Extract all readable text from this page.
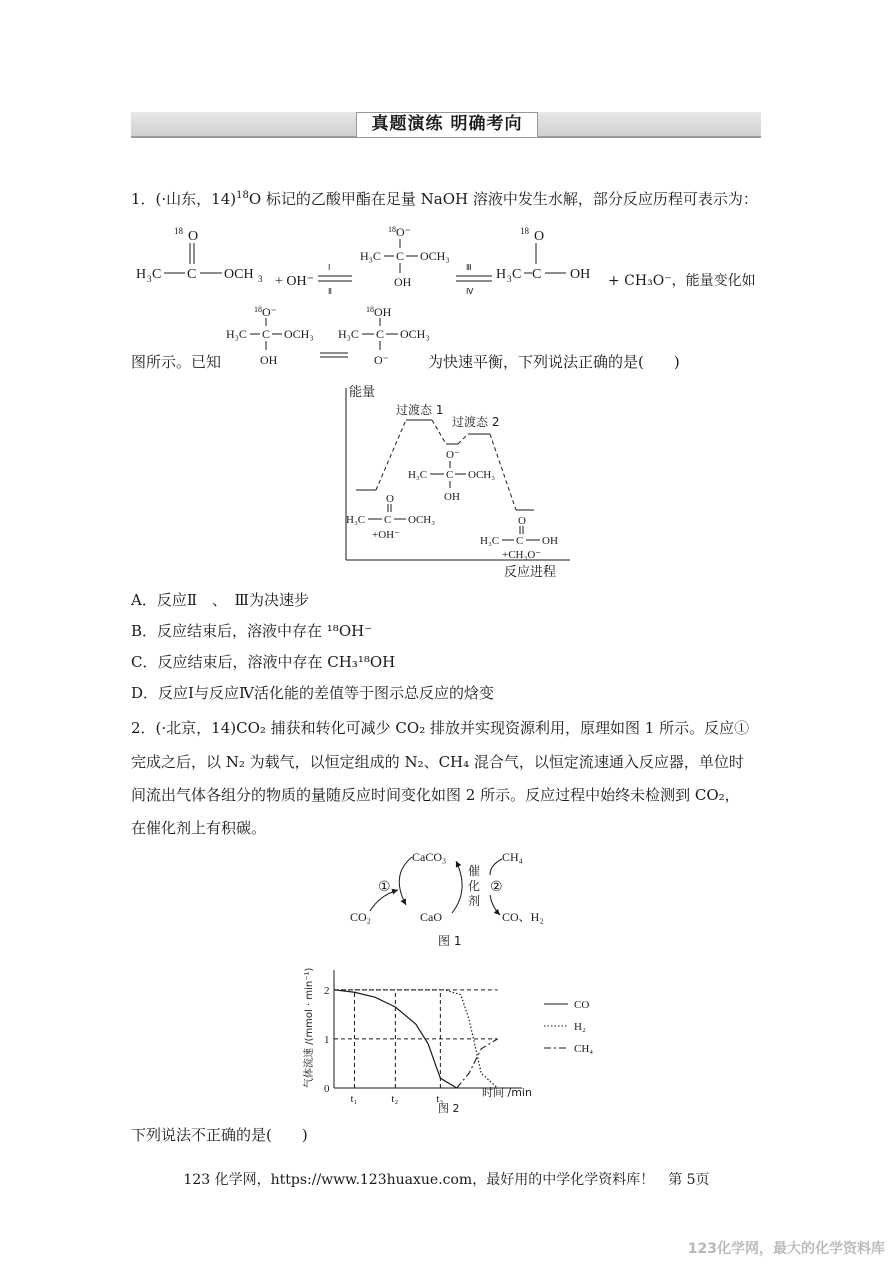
真题演练 明确考向
1．(·山东，14)$^{18}$O 标记的乙酸甲酯在足量 NaOH 溶液中发生水解，部分反应历程可表示为：
18 O
H 3 C C OCH 3 + OH⁻
Ⅰ
Ⅱ
18 O⁻
H₃C C OCH₃
OH
Ⅲ
Ⅳ
18 O
H 3 C C OH + CH₃O⁻，能量变化如
18 O⁻
H₃C C OCH₃
OH
18 OH
H₃C C OCH₃
O⁻
图所示。已知	为快速平衡，下列说法正确的是(　　)
能量
反应进程
过渡态 1
过渡态 2
O⁻
H₃C C OCH₃
OH
O
H₃C C OCH₃
+OH⁻
O
H₃C C OH
+CH₃O⁻
A．反应Ⅱ　、　Ⅲ为决速步
B．反应结束后，溶液中存在 ¹⁸OH⁻
C．反应结束后，溶液中存在 CH₃¹⁸OH
D．反应Ⅰ与反应Ⅳ活化能的差值等于图示总反应的焓变
2．(·北京，14)CO₂ 捕获和转化可减少 CO₂ 排放并实现资源利用，原理如图 1 所示。反应①
完成之后，以 N₂ 为载气，以恒定组成的 N₂、CH₄ 混合气，以恒定流速通入反应器，单位时
间流出气体各组分的物质的量随反应时间变化如图 2 所示。反应过程中始终未检测到 CO₂，
在催化剂上有积碳。
CaCO₃
CaO
CO₂
CH₄
CO、H₂
①	②
催
化
剂
图 1
气体流速 /(mmol · min⁻¹)
时间 /min
图 2
2
1
0
t₁	t₂	t₃
CO
H₂
CH₄
下列说法不正确的是(　　)
123 化学网，https://www.123huaxue.com，最好用的中学化学资料库！　第 5页
123化学网，最大的化学资料库
